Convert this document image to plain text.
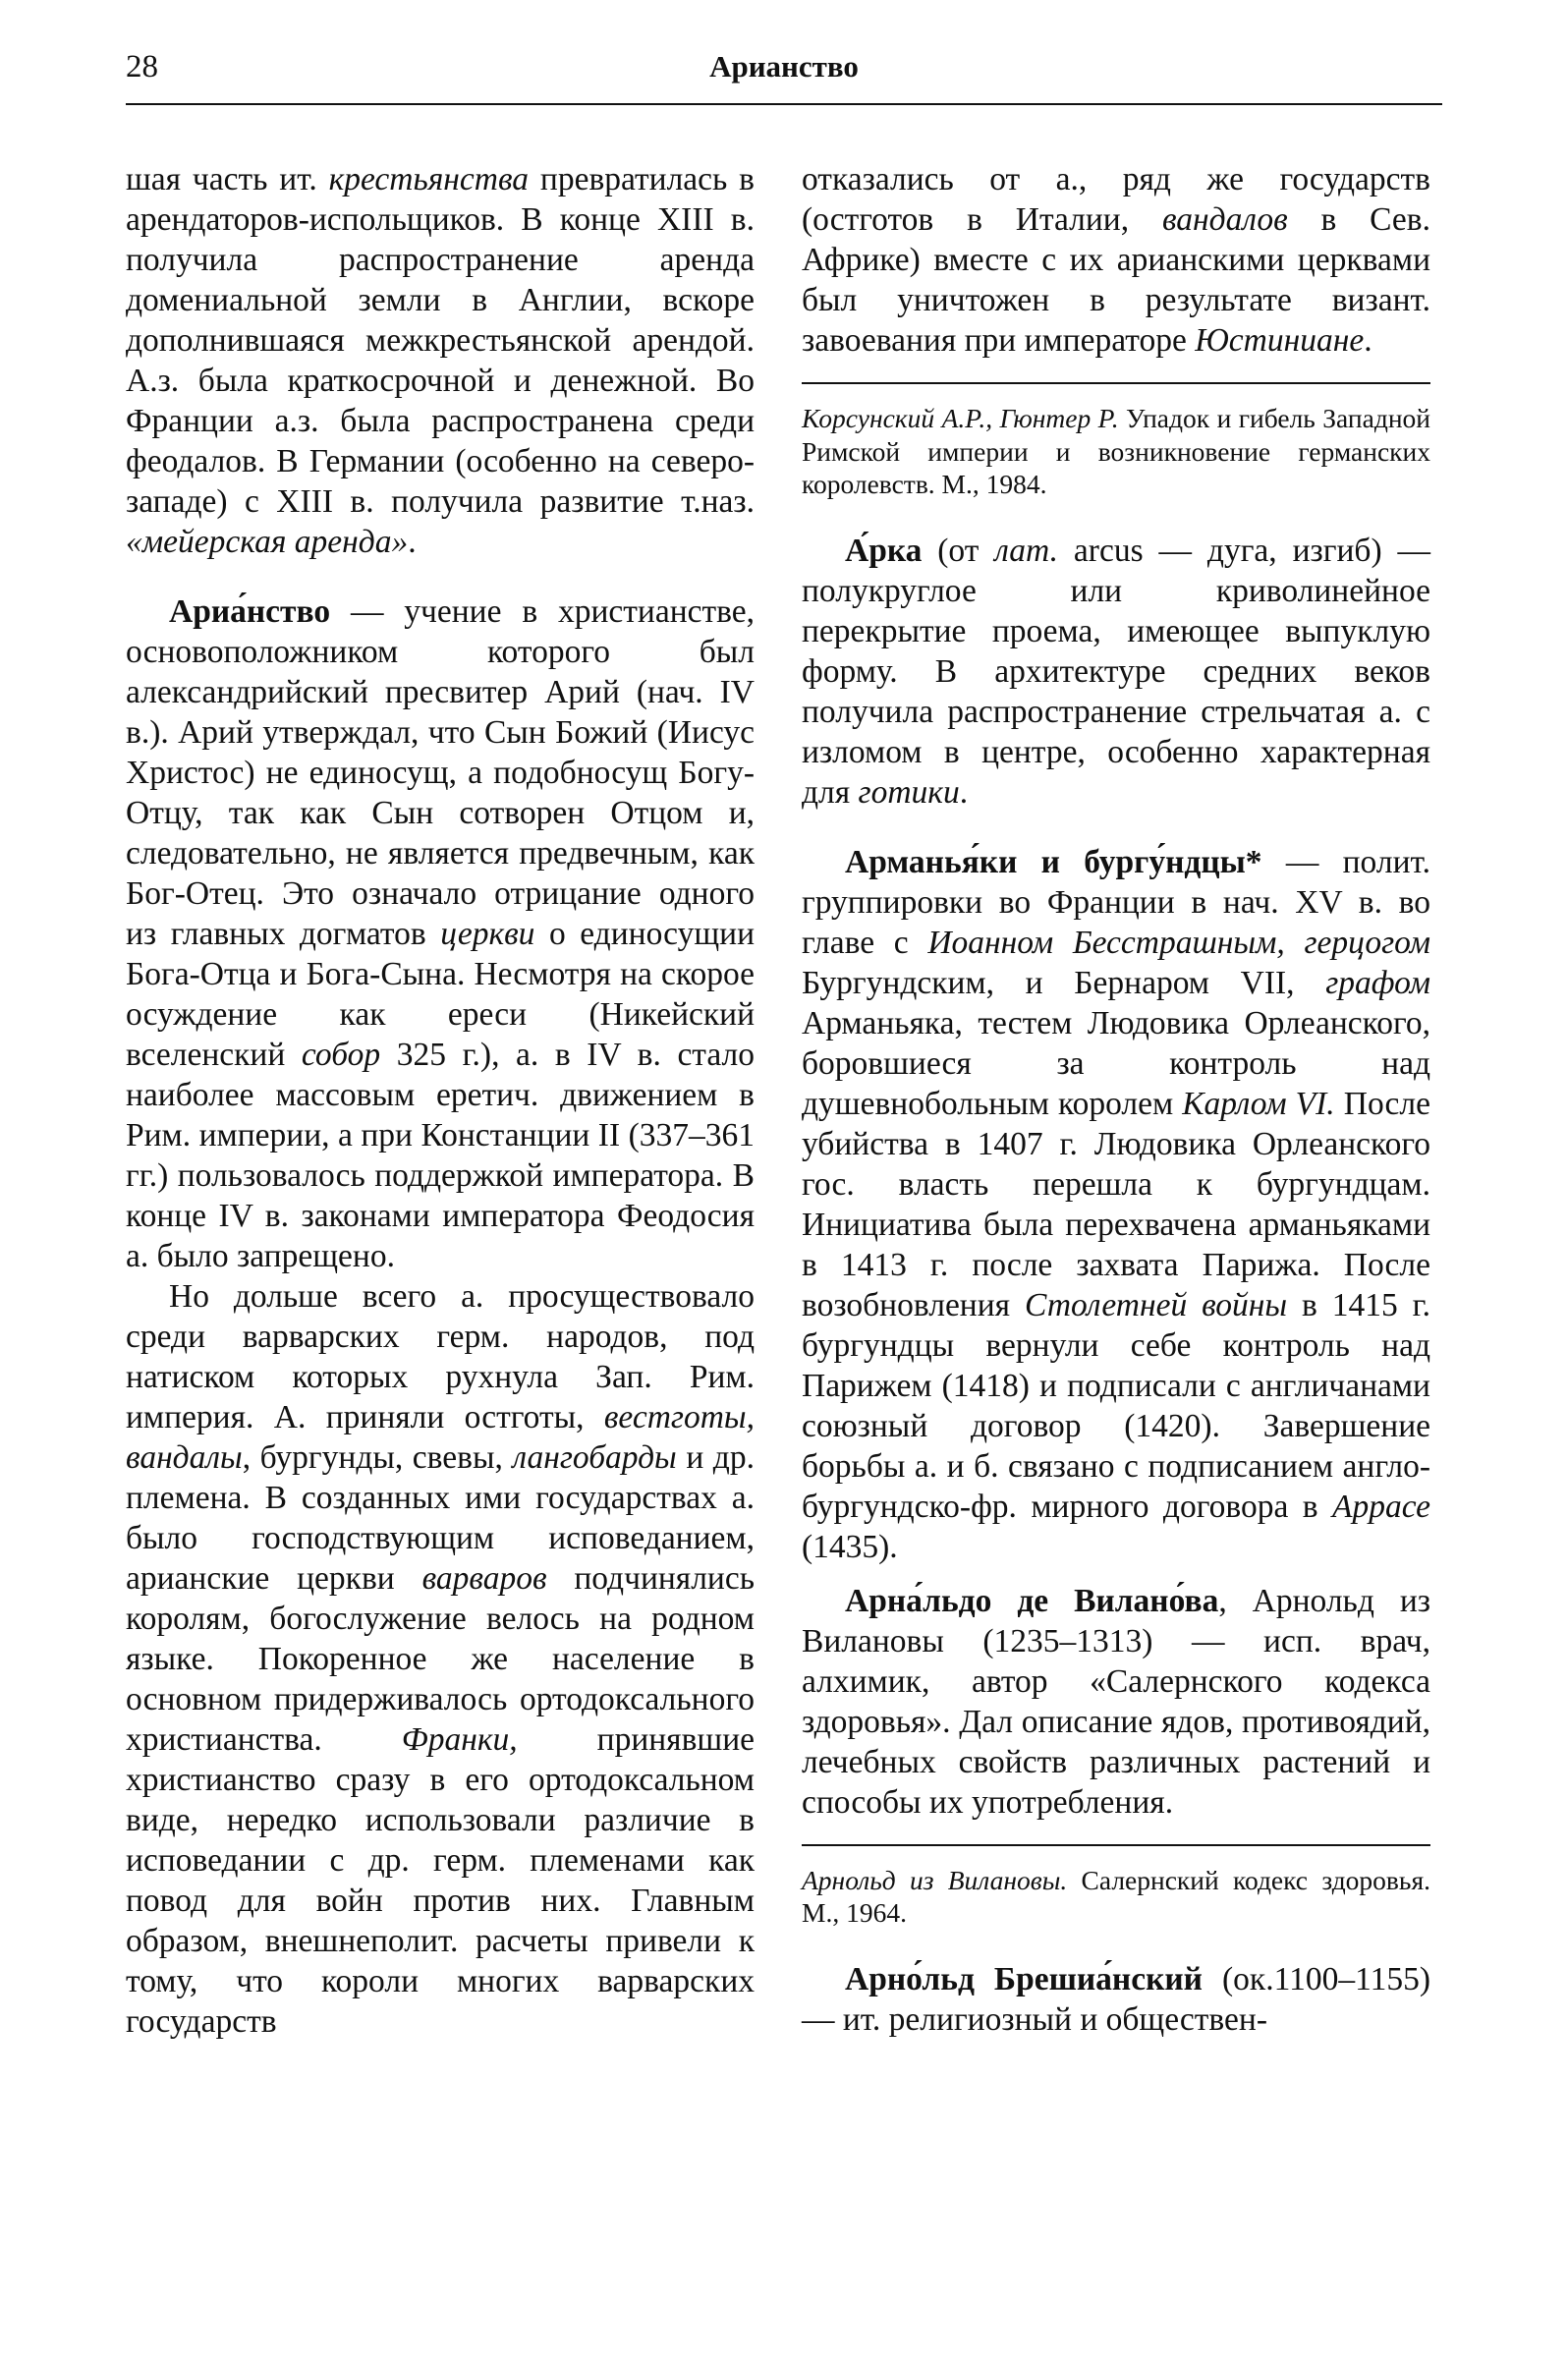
28	Арианство

шая часть ит. крестьянства превратилась в арендаторов-испольщиков. В конце XIII в. получила распространение аренда домениальной земли в Англии, вскоре дополнившаяся межкрестьянской арендой. А.з. была краткосрочной и денежной. Во Франции а.з. была распространена среди феодалов. В Германии (особенно на северо-западе) с XIII в. получила развитие т.наз. «мейерская аренда».

Ариа́нство — учение в христианстве, основоположником которого был александрийский пресвитер Арий (нач. IV в.). Арий утверждал, что Сын Божий (Иисус Христос) не единосущ, а подобносущ Богу-Отцу, так как Сын сотворен Отцом и, следовательно, не является предвечным, как Бог-Отец. Это означало отрицание одного из главных догматов церкви о единосущии Бога-Отца и Бога-Сына. Несмотря на скорое осуждение как ереси (Никейский вселенский собор 325 г.), а. в IV в. стало наиболее массовым еретич. движением в Рим. империи, а при Констанции II (337–361 гг.) пользовалось поддержкой императора. В конце IV в. законами императора Феодосия а. было запрещено.

Но дольше всего а. просуществовало среди варварских герм. народов, под натиском которых рухнула Зап. Рим. империя. А. приняли остготы, вестготы, вандалы, бургунды, свевы, лангобарды и др. племена. В созданных ими государствах а. было господствующим исповеданием, арианские церкви варваров подчинялись королям, богослужение велось на родном языке. Покоренное же население в основном придерживалось ортодоксального христианства. Франки, принявшие христианство сразу в его ортодоксальном виде, нередко использовали различие в исповедании с др. герм. племенами как повод для войн против них. Главным образом, внешнеполит. расчеты привели к тому, что короли многих варварских государств

отказались от а., ряд же государств (остготов в Италии, вандалов в Сев. Африке) вместе с их арианскими церквами был уничтожен в результате визант. завоевания при императоре Юстиниане.

Корсунский А.Р., Гюнтер Р. Упадок и гибель Западной Римской империи и возникновение германских королевств. М., 1984.

А́рка (от лат. arcus — дуга, изгиб) — полукруглое или криволинейное перекрытие проема, имеющее выпуклую форму. В архитектуре средних веков получила распространение стрельчатая а. с изломом в центре, особенно характерная для готики.

Арманья́ки и бургу́ндцы* — полит. группировки во Франции в нач. XV в. во главе с Иоанном Бесстрашным, герцогом Бургундским, и Бернаром VII, графом Арманьяка, тестем Людовика Орлеанского, боровшиеся за контроль над душевнобольным королем Карлом VI. После убийства в 1407 г. Людовика Орлеанского гос. власть перешла к бургундцам. Инициатива была перехвачена арманьяками в 1413 г. после захвата Парижа. После возобновления Столетней войны в 1415 г. бургундцы вернули себе контроль над Парижем (1418) и подписали с англичанами союзный договор (1420). Завершение борьбы а. и б. связано с подписанием англо-бургундско-фр. мирного договора в Аррасе (1435).

Арна́льдо де Вилано́ва, Арнольд из Вилановы (1235–1313) — исп. врач, алхимик, автор «Салернского кодекса здоровья». Дал описание ядов, противоядий, лечебных свойств различных растений и способы их употребления.

Арнольд из Вилановы. Салернский кодекс здоровья. М., 1964.

Арно́льд Брешиа́нский (ок.1100–1155) — ит. религиозный и обществен-
